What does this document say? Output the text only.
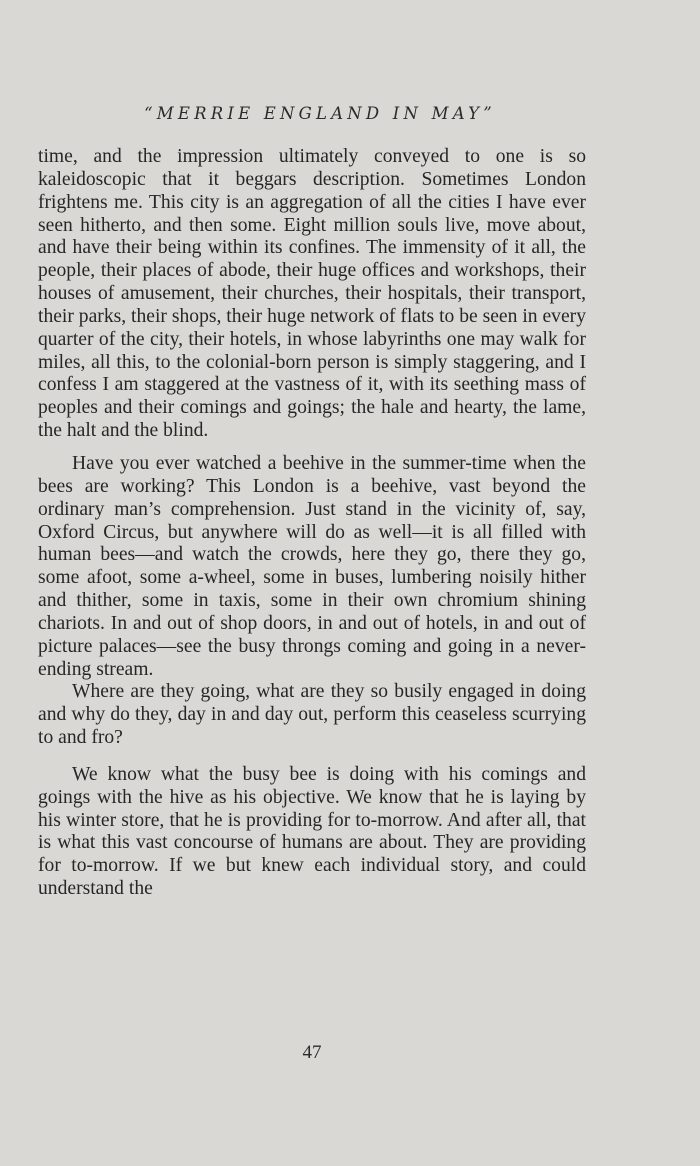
“MERRIE ENGLAND IN MAY”

time, and the impression ultimately conveyed to one is so kaleidoscopic that it beggars description. Sometimes London frightens me. This city is an aggregation of all the cities I have ever seen hitherto, and then some. Eight million souls live, move about, and have their being within its confines. The immensity of it all, the people, their places of abode, their huge offices and workshops, their houses of amusement, their churches, their hospitals, their transport, their parks, their shops, their huge network of flats to be seen in every quarter of the city, their hotels, in whose labyrinths one may walk for miles, all this, to the colonial-born person is simply staggering, and I confess I am staggered at the vastness of it, with its seething mass of peoples and their comings and goings; the hale and hearty, the lame, the halt and the blind.

Have you ever watched a beehive in the summer-time when the bees are working? This London is a beehive, vast beyond the ordinary man’s comprehension. Just stand in the vicinity of, say, Oxford Circus, but anywhere will do as well—it is all filled with human bees—and watch the crowds, here they go, there they go, some afoot, some a-wheel, some in buses, lumbering noisily hither and thither, some in taxis, some in their own chromium shining chariots. In and out of shop doors, in and out of hotels, in and out of picture palaces—see the busy throngs coming and going in a never-ending stream.

Where are they going, what are they so busily engaged in doing and why do they, day in and day out, perform this ceaseless scurrying to and fro?

We know what the busy bee is doing with his comings and goings with the hive as his objective. We know that he is laying by his winter store, that he is providing for to-morrow. And after all, that is what this vast concourse of humans are about. They are providing for to-morrow. If we but knew each individual story, and could understand the

47
